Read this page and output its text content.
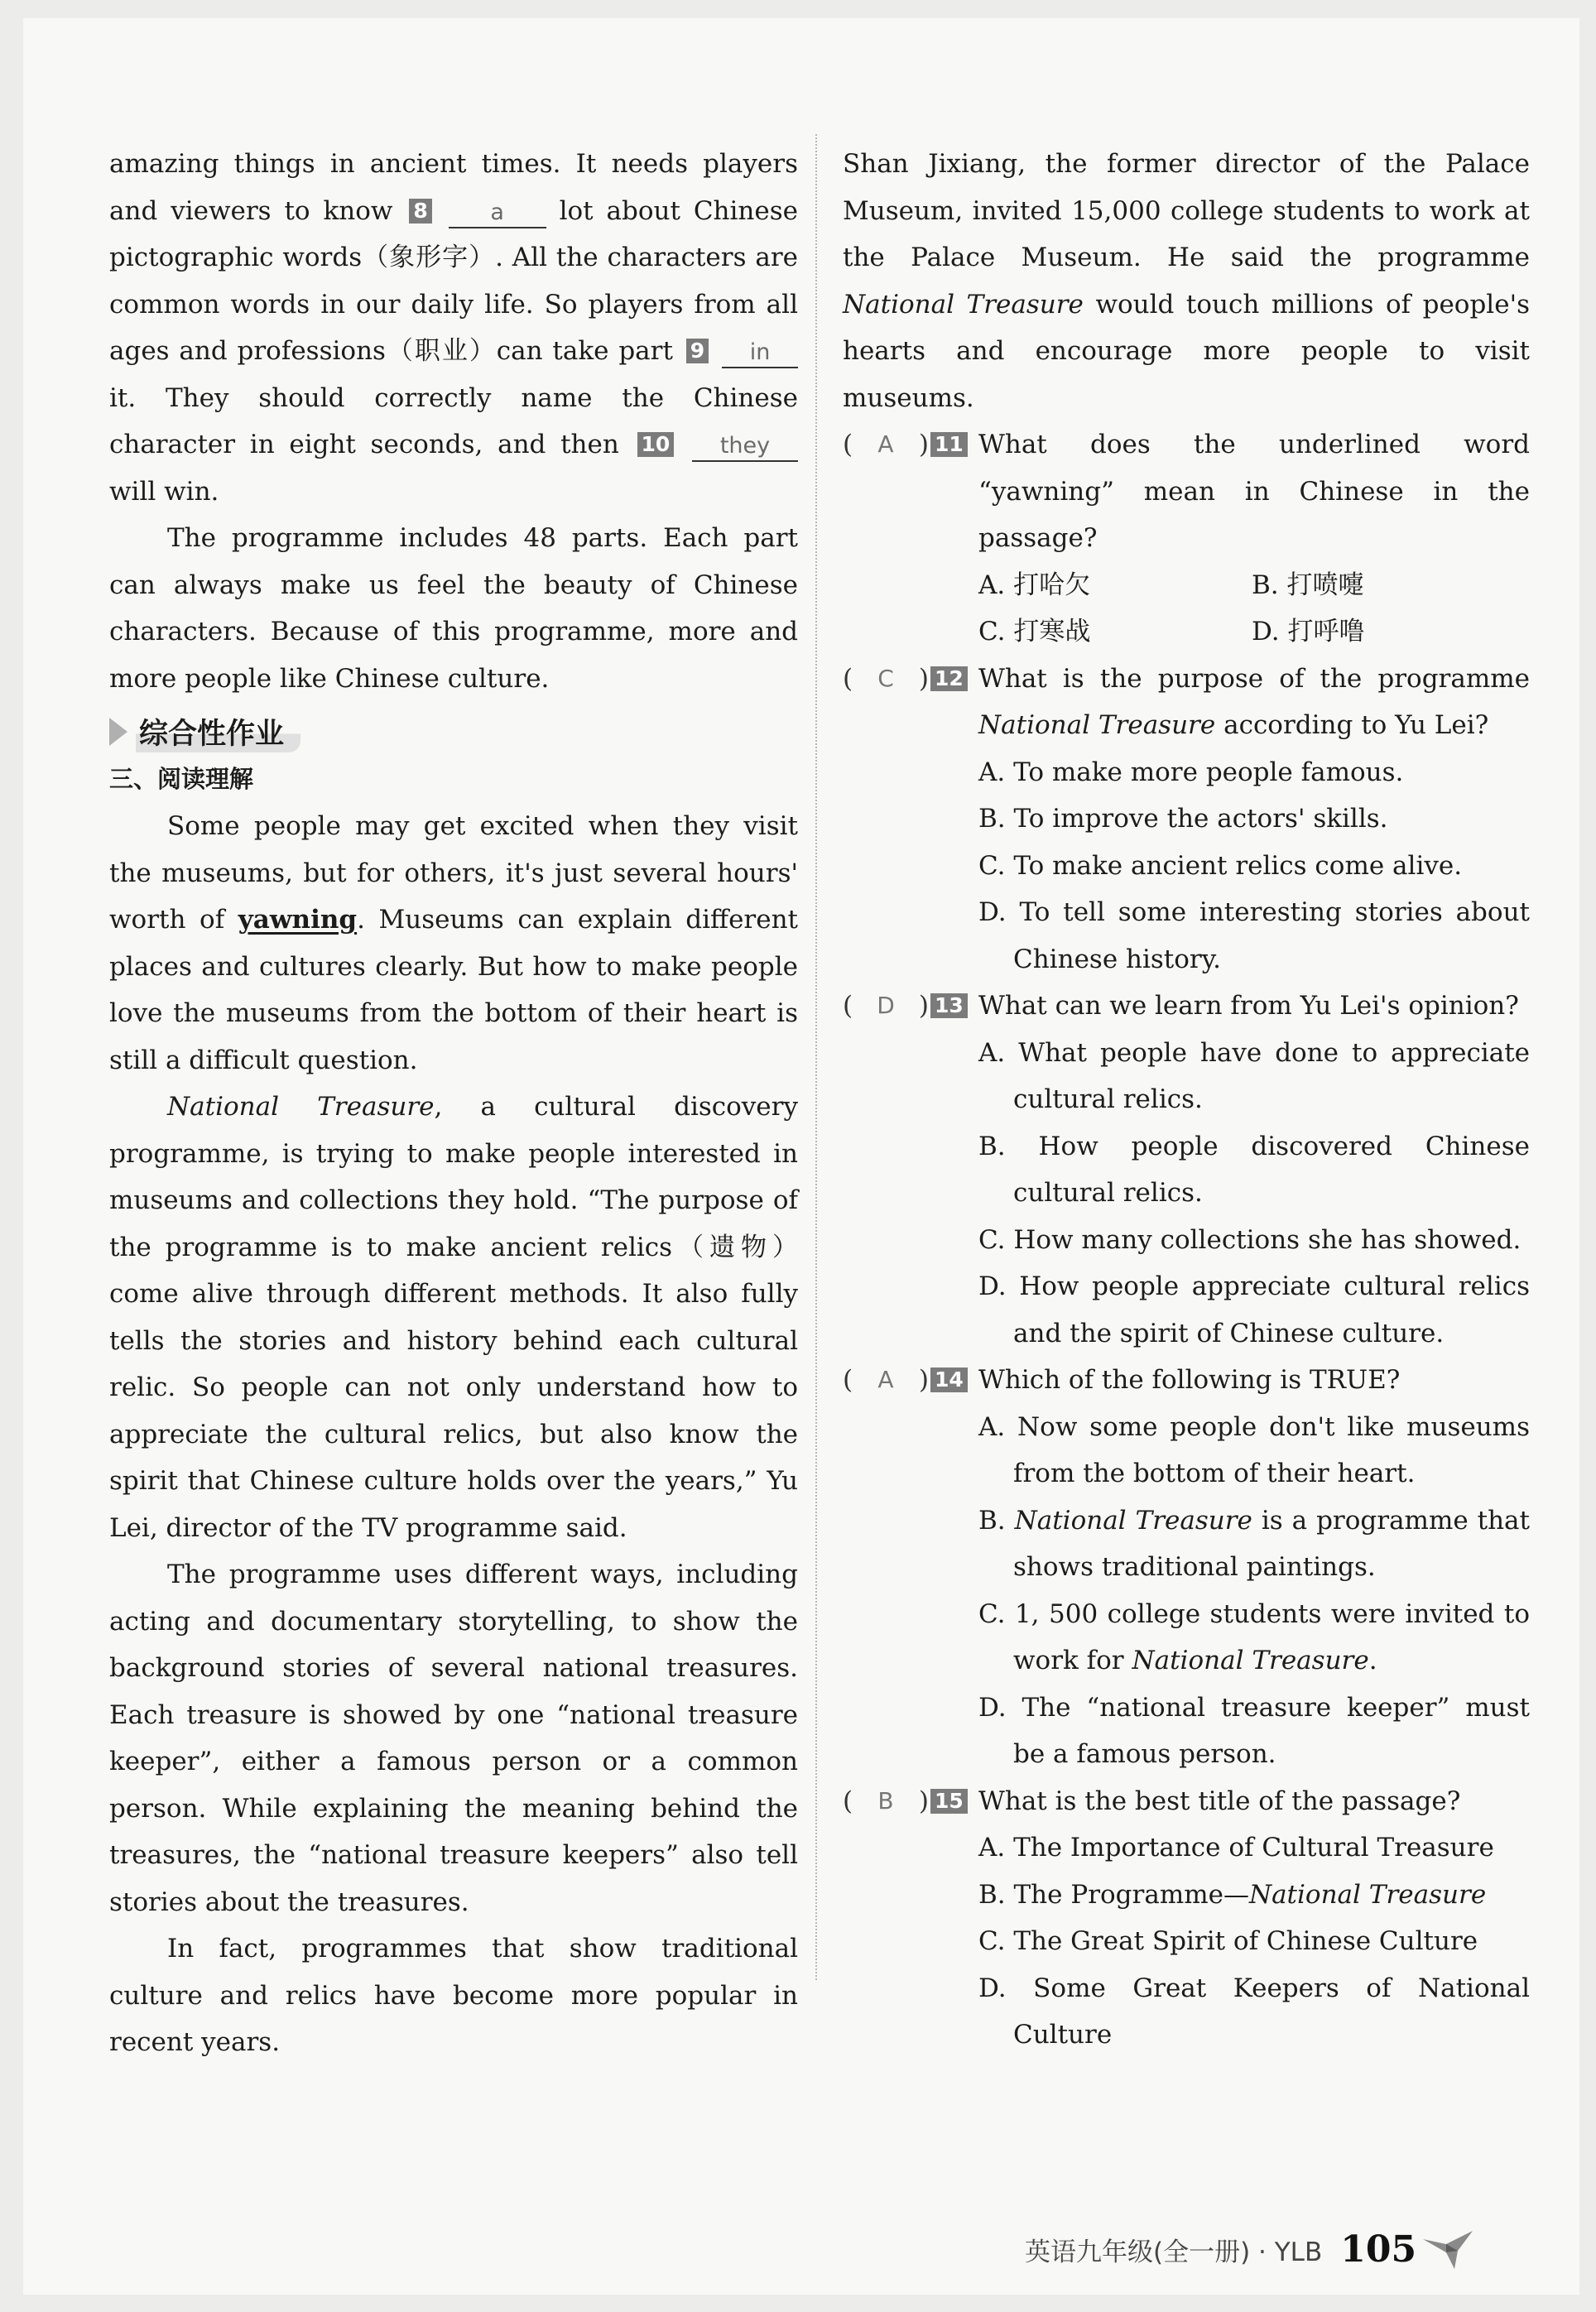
amazing things in ancient times. It needs players and viewers to know 8	a lot about Chinese pictographic words（象形字）. All the characters are common words in our daily life. So players from all ages and professions（职业）can take part 9 in it. They should correctly name the Chinese character in eight seconds, and then 10 they will win.

The programme includes 48 parts. Each part can always make us feel the beauty of Chinese characters. Because of this programme, more and more people like Chinese culture.

综合性作业
三、阅读理解

Some people may get excited when they visit the museums, but for others, it's just several hours' worth of yawning. Museums can explain different places and cultures clearly. But how to make people love the museums from the bottom of their heart is still a difficult question.

National Treasure, a cultural discovery programme, is trying to make people interested in museums and collections they hold. “The purpose of the programme is to make ancient relics（遗物）come alive through different methods. It also fully tells the stories and history behind each cultural relic. So people can not only understand how to appreciate the cultural relics, but also know the spirit that Chinese culture holds over the years,” Yu Lei, director of the TV programme said.

The programme uses different ways, including acting and documentary storytelling, to show the background stories of several national treasures. Each treasure is showed by one “national treasure keeper”, either a famous person or a common person. While explaining the meaning behind the treasures, the “national treasure keepers” also tell stories about the treasures.

In fact, programmes that show traditional culture and relics have become more popular in recent years.

Shan Jixiang, the former director of the Palace Museum, invited 15,000 college students to work at the Palace Museum. He said the programme National Treasure would touch millions of people's hearts and encourage more people to visit museums.

( A ) 11 What does the underlined word “yawning” mean in Chinese in the passage?

A. 打哈欠	B. 打喷嚏
C. 打寒战	D. 打呼噜
( C ) 12 What is the purpose of the programme National Treasure according to Yu Lei?

A. To make more people famous.
B. To improve the actors' skills.
C. To make ancient relics come alive.
D. To tell some interesting stories about Chinese history.
( D ) 13 What can we learn from Yu Lei's opinion?

A. What people have done to appreciate cultural relics.
B. How people discovered Chinese cultural relics.
C. How many collections she has showed.
D. How people appreciate cultural relics and the spirit of Chinese culture.
( A ) 14 Which of the following is TRUE?

A. Now some people don't like museums from the bottom of their heart.
B. National Treasure is a programme that shows traditional paintings.
C. 1, 500 college students were invited to work for National Treasure.
D. The “national treasure keeper” must be a famous person.
( B ) 15 What is the best title of the passage?

A. The Importance of Cultural Treasure
B. The Programme—National Treasure
C. The Great Spirit of Chinese Culture
D. Some Great Keepers of National Culture
英语九年级(全一册) · YLB 105
